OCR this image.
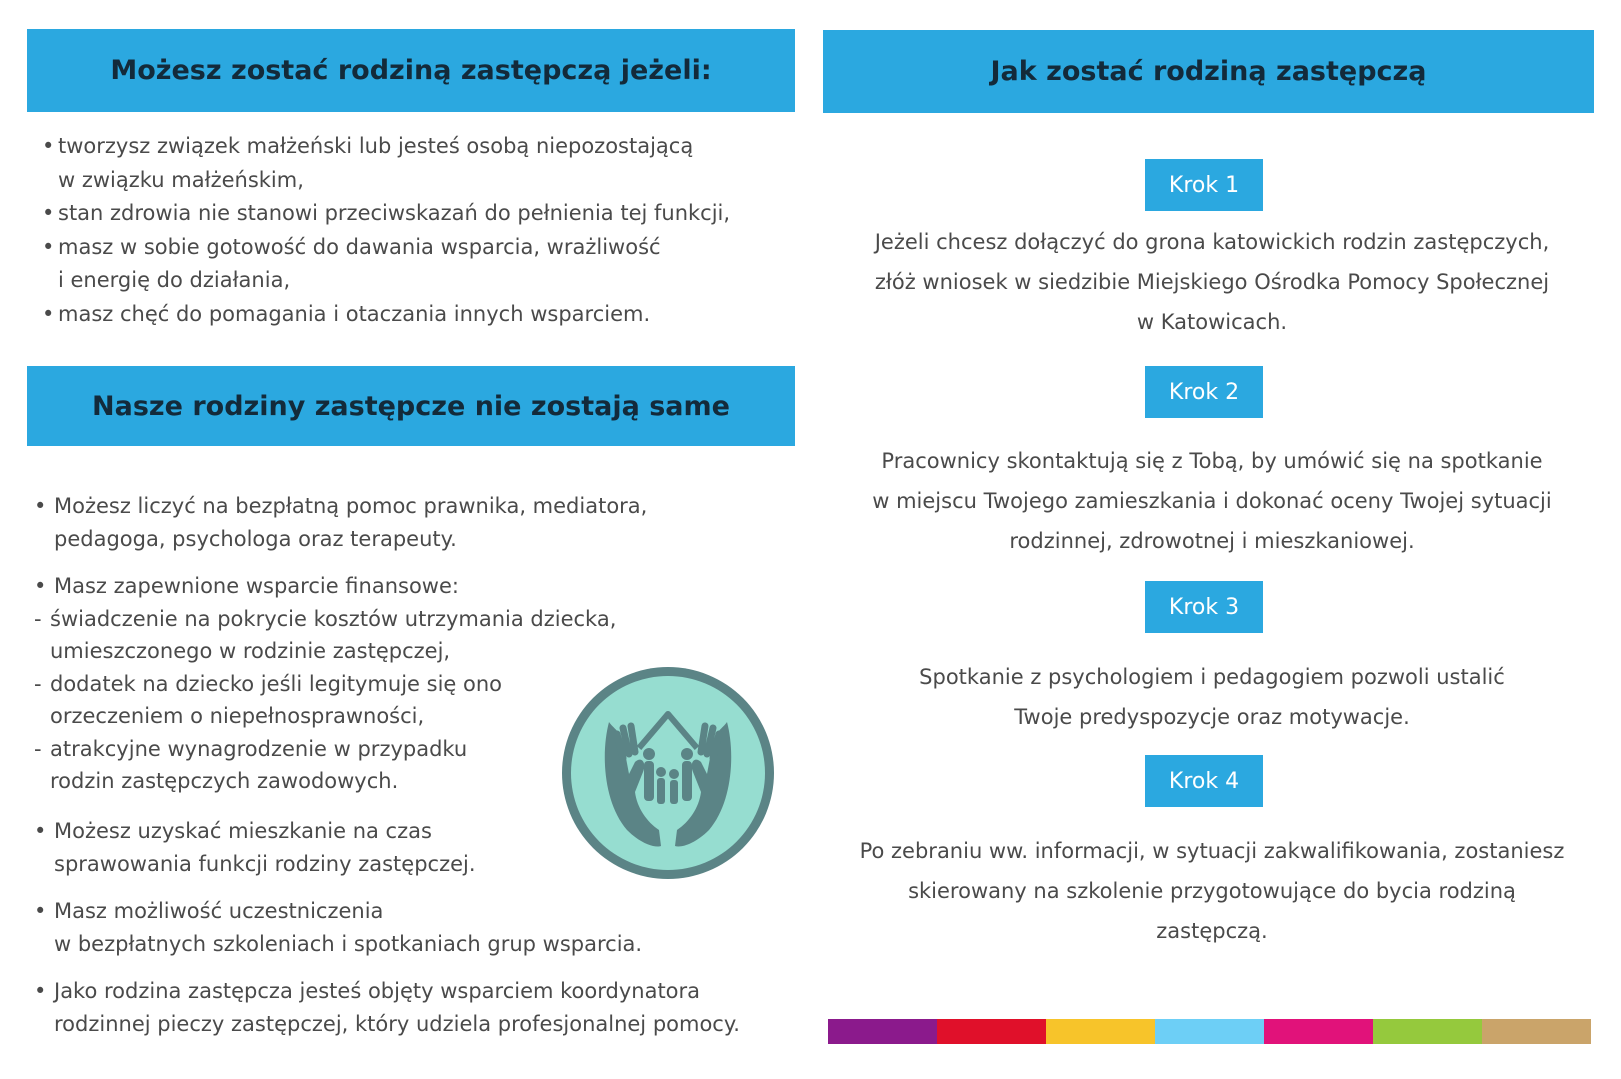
Możesz zostać rodziną zastępczą jeżeli:
• tworzysz związek małżeński lub jesteś osobą niepozostającą
w związku małżeńskim,
• stan zdrowia nie stanowi przeciwskazań do pełnienia tej funkcji,
• masz w sobie gotowość do dawania wsparcia, wrażliwość
i energię do działania,
• masz chęć do pomagania i otaczania innych wsparciem.
Nasze rodziny zastępcze nie zostają same
• Możesz liczyć na bezpłatną pomoc prawnika, mediatora,
pedagoga, psychologa oraz terapeuty.
• Masz zapewnione wsparcie finansowe:
- świadczenie na pokrycie kosztów utrzymania dziecka,
umieszczonego w rodzinie zastępczej,
- dodatek na dziecko jeśli legitymuje się ono
orzeczeniem o niepełnosprawności,
- atrakcyjne wynagrodzenie w przypadku
rodzin zastępczych zawodowych.
• Możesz uzyskać mieszkanie na czas
sprawowania funkcji rodziny zastępczej.
• Masz możliwość uczestniczenia
w bezpłatnych szkoleniach i spotkaniach grup wsparcia.
• Jako rodzina zastępcza jesteś objęty wsparciem koordynatora
rodzinnej pieczy zastępczej, który udziela profesjonalnej pomocy.
Jak zostać rodziną zastępczą
Krok 1
Jeżeli chcesz dołączyć do grona katowickich rodzin zastępczych,
złóż wniosek w siedzibie Miejskiego Ośrodka Pomocy Społecznej
w Katowicach.
Krok 2
Pracownicy skontaktują się z Tobą, by umówić się na spotkanie
w miejscu Twojego zamieszkania i dokonać oceny Twojej sytuacji
rodzinnej, zdrowotnej i mieszkaniowej.
Krok 3
Spotkanie z psychologiem i pedagogiem pozwoli ustalić
Twoje predyspozycje oraz motywacje.
Krok 4
Po zebraniu ww. informacji, w sytuacji zakwalifikowania, zostaniesz
skierowany na szkolenie przygotowujące do bycia rodziną
zastępczą.
